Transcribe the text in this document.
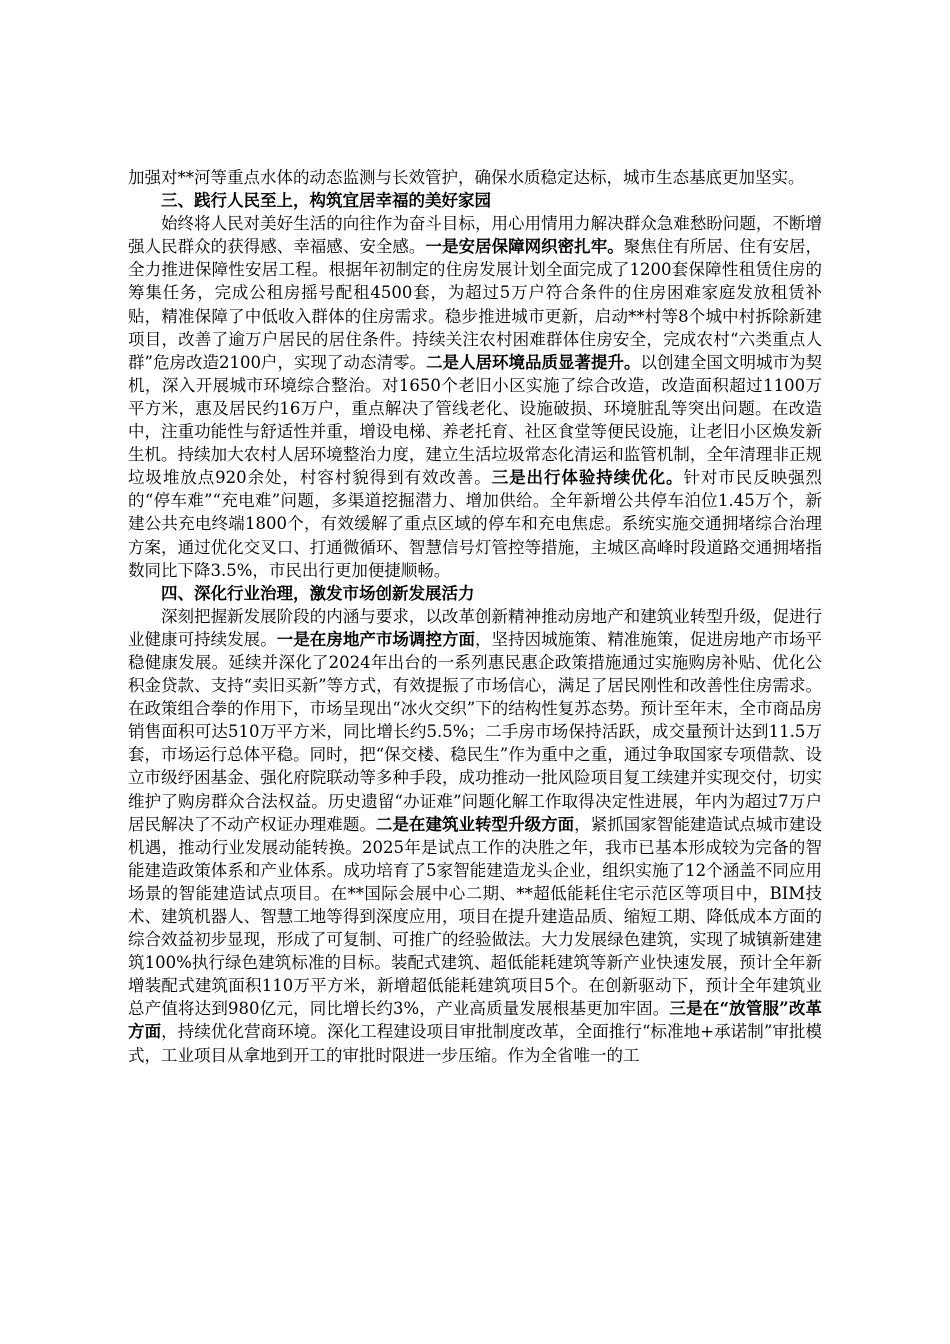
加强对**河等重点水体的动态监测与长效管护，确保水质稳定达标，城市生态基底更加坚实。

三、践行人民至上，构筑宜居幸福的美好家园

始终将人民对美好生活的向往作为奋斗目标，用心用情用力解决群众急难愁盼问题，不断增强人民群众的获得感、幸福感、安全感。一是安居保障网织密扎牢。聚焦住有所居、住有安居，全力推进保障性安居工程。根据年初制定的住房发展计划全面完成了1200套保障性租赁住房的筹集任务，完成公租房摇号配租4500套，为超过5万户符合条件的住房困难家庭发放租赁补贴，精准保障了中低收入群体的住房需求。稳步推进城市更新，启动**村等8个城中村拆除新建项目，改善了逾万户居民的居住条件。持续关注农村困难群体住房安全，完成农村“六类重点人群”危房改造2100户，实现了动态清零。二是人居环境品质显著提升。以创建全国文明城市为契机，深入开展城市环境综合整治。对1650个老旧小区实施了综合改造，改造面积超过1100万平方米，惠及居民约16万户，重点解决了管线老化、设施破损、环境脏乱等突出问题。在改造中，注重功能性与舒适性并重，增设电梯、养老托育、社区食堂等便民设施，让老旧小区焕发新生机。持续加大农村人居环境整治力度，建立生活垃圾常态化清运和监管机制，全年清理非正规垃圾堆放点920余处，村容村貌得到有效改善。三是出行体验持续优化。针对市民反映强烈的“停车难”“充电难”问题，多渠道挖掘潜力、增加供给。全年新增公共停车泊位1.45万个，新建公共充电终端1800个，有效缓解了重点区域的停车和充电焦虑。系统实施交通拥堵综合治理方案，通过优化交叉口、打通微循环、智慧信号灯管控等措施，主城区高峰时段道路交通拥堵指数同比下降3.5%，市民出行更加便捷顺畅。

四、深化行业治理，激发市场创新发展活力

深刻把握新发展阶段的内涵与要求，以改革创新精神推动房地产和建筑业转型升级，促进行业健康可持续发展。一是在房地产市场调控方面，坚持因城施策、精准施策，促进房地产市场平稳健康发展。延续并深化了2024年出台的一系列惠民惠企政策措施通过实施购房补贴、优化公积金贷款、支持“卖旧买新”等方式，有效提振了市场信心，满足了居民刚性和改善性住房需求。在政策组合拳的作用下，市场呈现出“冰火交织”下的结构性复苏态势。预计至年末，全市商品房销售面积可达510万平方米，同比增长约5.5%；二手房市场保持活跃，成交量预计达到11.5万套，市场运行总体平稳。同时，把“保交楼、稳民生”作为重中之重，通过争取国家专项借款、设立市级纾困基金、强化府院联动等多种手段，成功推动一批风险项目复工续建并实现交付，切实维护了购房群众合法权益。历史遗留“办证难”问题化解工作取得决定性进展，年内为超过7万户居民解决了不动产权证办理难题。二是在建筑业转型升级方面，紧抓国家智能建造试点城市建设机遇，推动行业发展动能转换。2025年是试点工作的决胜之年，我市已基本形成较为完备的智能建造政策体系和产业体系。成功培育了5家智能建造龙头企业，组织实施了12个涵盖不同应用场景的智能建造试点项目。在**国际会展中心二期、**超低能耗住宅示范区等项目中，BIM技术、建筑机器人、智慧工地等得到深度应用，项目在提升建造品质、缩短工期、降低成本方面的综合效益初步显现，形成了可复制、可推广的经验做法。大力发展绿色建筑，实现了城镇新建建筑100%执行绿色建筑标准的目标。装配式建筑、超低能耗建筑等新产业快速发展，预计全年新增装配式建筑面积110万平方米，新增超低能耗建筑项目5个。在创新驱动下，预计全年建筑业总产值将达到980亿元，同比增长约3%，产业高质量发展根基更加牢固。三是在“放管服”改革方面，持续优化营商环境。深化工程建设项目审批制度改革，全面推行“标准地+承诺制”审批模式，工业项目从拿地到开工的审批时限进一步压缩。作为全省唯一的工
